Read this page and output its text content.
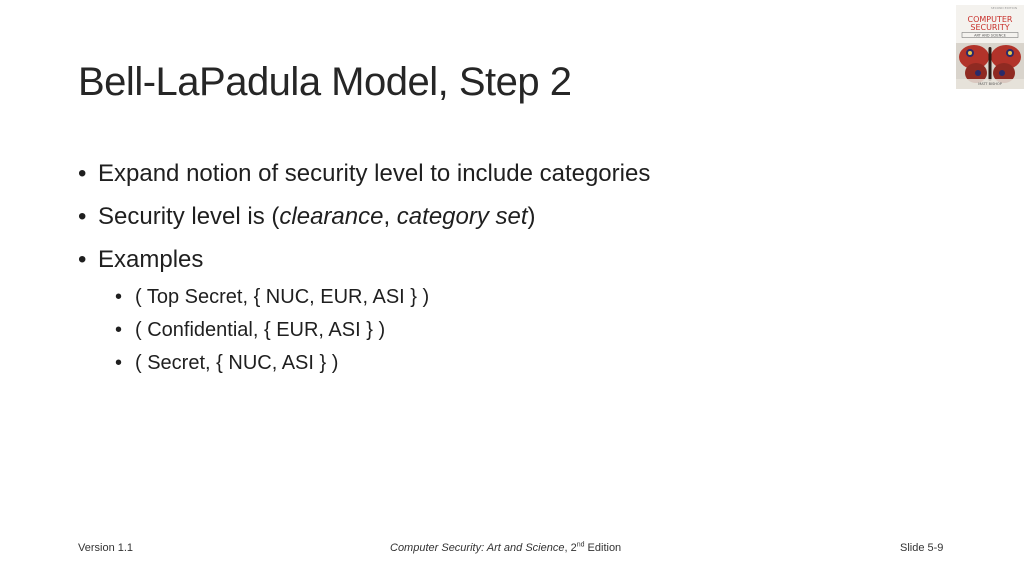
Bell-LaPadula Model, Step 2
SECOND EDITION
COMPUTER
SECURITY
ART AND SCIENCE
MATT BISHOP
• Expand notion of security level to include categories
• Security level is (clearance, category set)
• Examples
• ( Top Secret, { NUC, EUR, ASI } )
• ( Confidential, { EUR, ASI } )
• ( Secret, { NUC, ASI } )
Version 1.1	Computer Security: Art and Science, 2nd Edition	Slide 5-9
